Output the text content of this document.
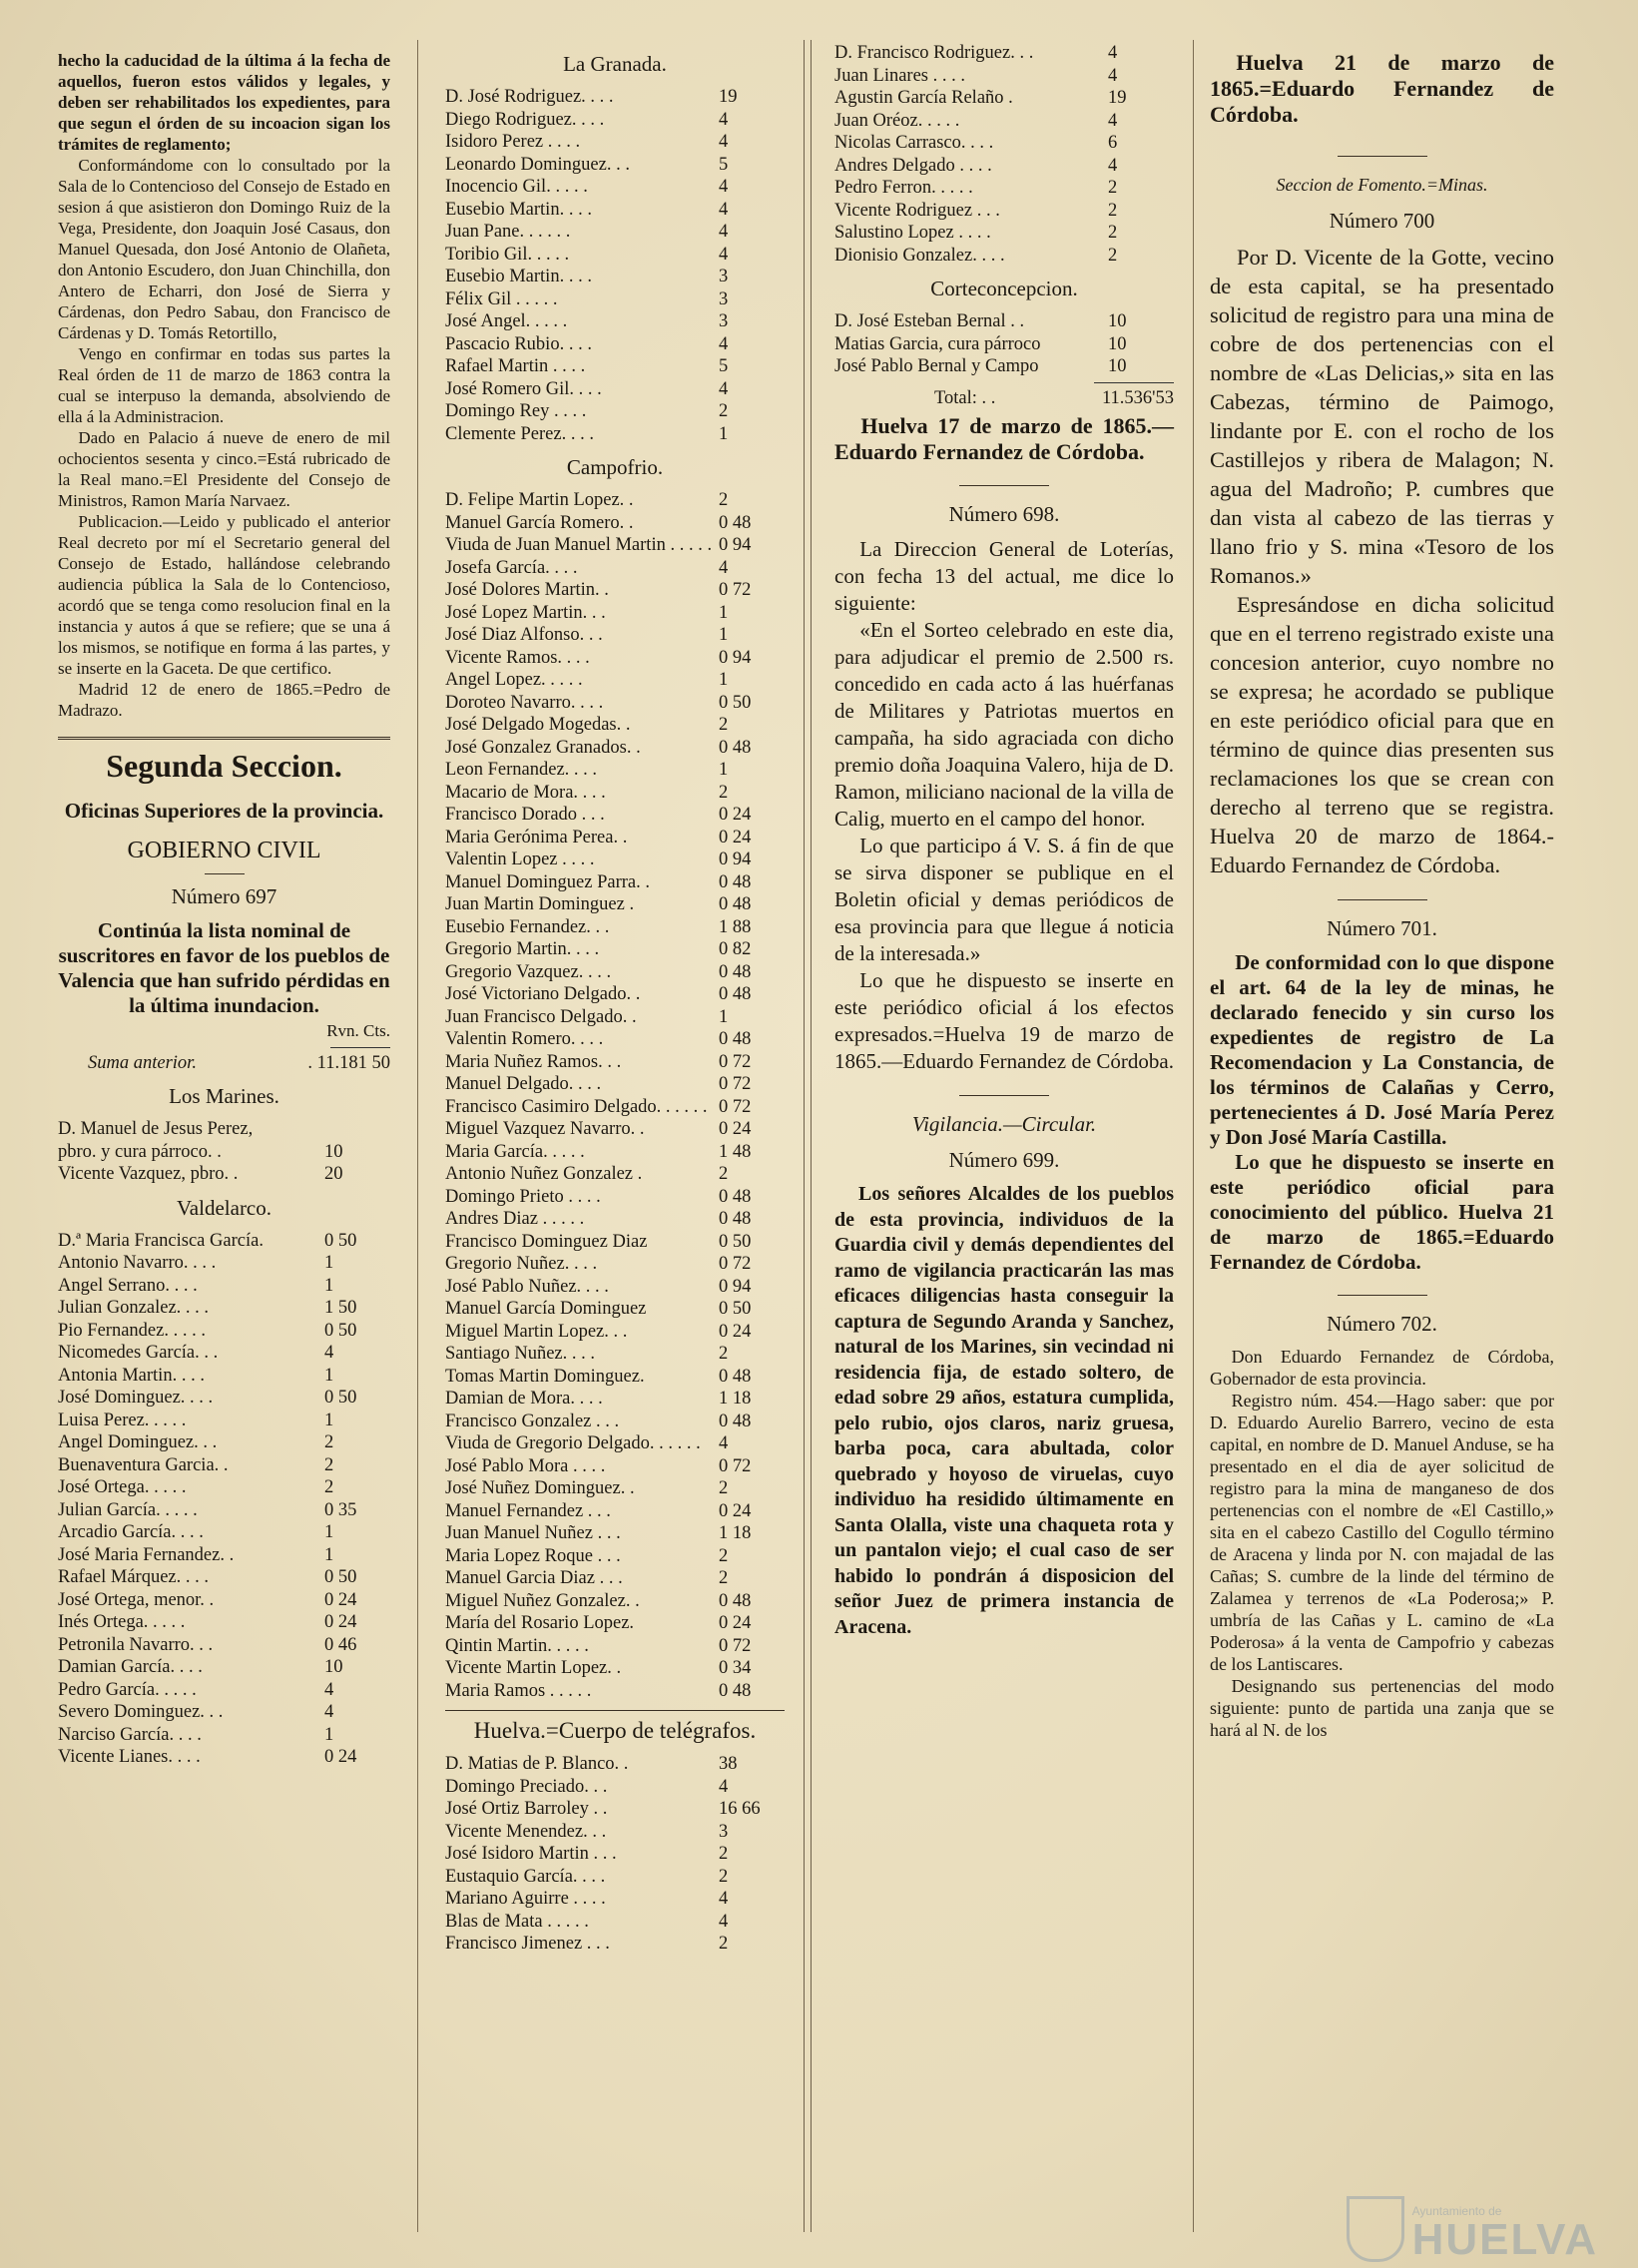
hecho la caducidad de la última á la fecha de aquellos, fueron estos válidos y legales, y deben ser rehabilitados los expedientes, para que segun el órden de su incoacion sigan los trámites de reglamento;

Conformándome con lo consultado por la Sala de lo Contencioso del Consejo de Estado en sesion á que asistieron don Domingo Ruiz de la Vega, Presidente, don Joaquin José Casaus, don Manuel Quesada, don José Antonio de Olañeta, don Antonio Escudero, don Juan Chinchilla, don Antero de Echarri, don José de Sierra y Cárdenas, don Pedro Sabau, don Francisco de Cárdenas y D. Tomás Retortillo,

Vengo en confirmar en todas sus partes la Real órden de 11 de marzo de 1863 contra la cual se interpuso la demanda, absolviendo de ella á la Administracion.

Dado en Palacio á nueve de enero de mil ochocientos sesenta y cinco.=Está rubricado de la Real mano.=El Presidente del Consejo de Ministros, Ramon María Narvaez.

Publicacion.—Leido y publicado el anterior Real decreto por mí el Secretario general del Consejo de Estado, hallándose celebrando audiencia pública la Sala de lo Contencioso, acordó que se tenga como resolucion final en la instancia y autos á que se refiere; que se una á los mismos, se notifique en forma á las partes, y se inserte en la Gaceta. De que certifico.

Madrid 12 de enero de 1865.=Pedro de Madrazo.

Segunda Seccion.
Oficinas Superiores de la provincia.
GOBIERNO CIVIL
Número 697

Continúa la lista nominal de suscritores en favor de los pueblos de Valencia que han sufrido pérdidas en la última inundacion.

Rvn. Cts.
Suma anterior.	. 11.181 50
Los Marines.
D. Manuel de Jesus Perez,
pbro. y cura párroco. .	10
Vicente Vazquez, pbro. .	20
Valdelarco.
D.ª Maria Francisca García.	0 50
Antonio Navarro. . . .	1
Angel Serrano. . . .	1
Julian Gonzalez. . . .	1 50
Pio Fernandez. . . . .	0 50
Nicomedes García. . .	4
Antonia Martin. . . .	1
José Dominguez. . . .	0 50
Luisa Perez. . . . .	1
Angel Dominguez. . .	2
Buenaventura Garcia. .	2
José Ortega. . . . .	2
Julian García. . . . .	0 35
Arcadio García. . . .	1
José Maria Fernandez. .	1
Rafael Márquez. . . .	0 50
José Ortega, menor. .	0 24
Inés Ortega. . . . .	0 24
Petronila Navarro. . .	0 46
Damian García. . . .	10
Pedro García. . . . .	4
Severo Dominguez. . .	4
Narciso García. . . .	1
Vicente Lianes. . . .	0 24
La Granada.
D. José Rodriguez. . . .	19
Diego Rodriguez. . . .	4
Isidoro Perez . . . .	4
Leonardo Dominguez. . .	5
Inocencio Gil. . . . .	4
Eusebio Martin. . . .	4
Juan Pane. . . . . .	4
Toribio Gil. . . . .	4
Eusebio Martin. . . .	3
Félix Gil . . . . .	3
José Angel. . . . .	3
Pascacio Rubio. . . .	4
Rafael Martin . . . .	5
José Romero Gil. . . .	4
Domingo Rey . . . .	2
Clemente Perez. . . .	1
Campofrio.
D. Felipe Martin Lopez. .	2
Manuel García Romero. .	0 48
Viuda de Juan Manuel Martin . . . . . 0 94
Josefa García. . . .	4
José Dolores Martin. .	0 72
José Lopez Martin. . .	1
José Diaz Alfonso. . .	1
Vicente Ramos. . . .	0 94
Angel Lopez. . . . .	1
Doroteo Navarro. . . .	0 50
José Delgado Mogedas. .	2
José Gonzalez Granados. .	0 48
Leon Fernandez. . . .	1
Macario de Mora. . . .	2
Francisco Dorado . . .	0 24
Maria Gerónima Perea. .	0 24
Valentin Lopez . . . .	0 94
Manuel Dominguez Parra. .	0 48
Juan Martin Dominguez .	0 48
Eusebio Fernandez. . .	1 88
Gregorio Martin. . . .	0 82
Gregorio Vazquez. . . .	0 48
José Victoriano Delgado. .	0 48
Juan Francisco Delgado. .	1
Valentin Romero. . . .	0 48
Maria Nuñez Ramos. . .	0 72
Manuel Delgado. . . .	0 72
Francisco Casimiro Delgado. . . . . . 0 72
Miguel Vazquez Navarro. .	0 24
Maria García. . . . .	1 48
Antonio Nuñez Gonzalez .	2
Domingo Prieto . . . .	0 48
Andres Diaz . . . . .	0 48
Francisco Dominguez Diaz	0 50
Gregorio Nuñez. . . .	0 72
José Pablo Nuñez. . . .	0 94
Manuel García Dominguez	0 50
Miguel Martin Lopez. . .	0 24
Santiago Nuñez. . . .	2
Tomas Martin Dominguez.	0 48
Damian de Mora. . . .	1 18
Francisco Gonzalez . . .	0 48
Viuda de Gregorio Delgado. . . . . . 4
José Pablo Mora . . . .	0 72
José Nuñez Dominguez. .	2
Manuel Fernandez . . .	0 24
Juan Manuel Nuñez . . .	1 18
Maria Lopez Roque . . .	2
Manuel Garcia Diaz . . .	2
Miguel Nuñez Gonzalez. .	0 48
María del Rosario Lopez.	0 24
Qintin Martin. . . . .	0 72
Vicente Martin Lopez. .	0 34
Maria Ramos . . . . .	0 48
Huelva.=Cuerpo de telégrafos.
D. Matias de P. Blanco. .	38
Domingo Preciado. . .	4
José Ortiz Barroley . .	16 66
Vicente Menendez. . .	3
José Isidoro Martin . . .	2
Eustaquio García. . . .	2
Mariano Aguirre . . . .	4
Blas de Mata . . . . .	4
Francisco Jimenez . . .	2
D. Francisco Rodriguez. . .	4
Juan Linares . . . .	4
Agustin García Relaño .	19
Juan Oréoz. . . . .	4
Nicolas Carrasco. . . .	6
Andres Delgado . . . .	4
Pedro Ferron. . . . .	2
Vicente Rodriguez . . .	2
Salustino Lopez . . . .	2
Dionisio Gonzalez. . . .	2
Corteconcepcion.
D. José Esteban Bernal . .	10
Matias Garcia, cura párroco	10
José Pablo Bernal y Campo	10
Total: . .	11.536'53

Huelva 17 de marzo de 1865.—Eduardo Fernandez de Córdoba.

Número 698.

La Direccion General de Loterías, con fecha 13 del actual, me dice lo siguiente:

«En el Sorteo celebrado en este dia, para adjudicar el premio de 2.500 rs. concedido en cada acto á las huérfanas de Militares y Patriotas muertos en campaña, ha sido agraciada con dicho premio doña Joaquina Valero, hija de D. Ramon, miliciano nacional de la villa de Calig, muerto en el campo del honor.

Lo que participo á V. S. á fin de que se sirva disponer se publique en el Boletin oficial y demas periódicos de esa provincia para que llegue á noticia de la interesada.»

Lo que he dispuesto se inserte en este periódico oficial á los efectos expresados.=Huelva 19 de marzo de 1865.—Eduardo Fernandez de Córdoba.

Vigilancia.—Circular.
Número 699.

Los señores Alcaldes de los pueblos de esta provincia, individuos de la Guardia civil y demás dependientes del ramo de vigilancia practicarán las mas eficaces diligencias hasta conseguir la captura de Segundo Aranda y Sanchez, natural de los Marines, sin vecindad ni residencia fija, de estado soltero, de edad sobre 29 años, estatura cumplida, pelo rubio, ojos claros, nariz gruesa, barba poca, cara abultada, color quebrado y hoyoso de viruelas, cuyo individuo ha residido últimamente en Santa Olalla, viste una chaqueta rota y un pantalon viejo; el cual caso de ser habido lo pondrán á disposicion del señor Juez de primera instancia de Aracena.

Huelva 21 de marzo de 1865.=Eduardo Fernandez de Córdoba.

Seccion de Fomento.=Minas.
Número 700

Por D. Vicente de la Gotte, vecino de esta capital, se ha presentado solicitud de registro para una mina de cobre de dos pertenencias con el nombre de «Las Delicias,» sita en las Cabezas, término de Paimogo, lindante por E. con el rocho de los Castillejos y ribera de Malagon; N. agua del Madroño; P. cumbres que dan vista al cabezo de las tierras y llano frio y S. mina «Tesoro de los Romanos.»

Espresándose en dicha solicitud que en el terreno registrado existe una concesion anterior, cuyo nombre no se expresa; he acordado se publique en este periódico oficial para que en término de quince dias presenten sus reclamaciones los que se crean con derecho al terreno que se registra. Huelva 20 de marzo de 1864.-Eduardo Fernandez de Córdoba.

Número 701.

De conformidad con lo que dispone el art. 64 de la ley de minas, he declarado fenecido y sin curso los expedientes de registro de La Recomendacion y La Constancia, de los términos de Calañas y Cerro, pertenecientes á D. José María Perez y Don José María Castilla.

Lo que he dispuesto se inserte en este periódico oficial para conocimiento del público. Huelva 21 de marzo de 1865.=Eduardo Fernandez de Córdoba.

Número 702.

Don Eduardo Fernandez de Córdoba, Gobernador de esta provincia.

Registro núm. 454.—Hago saber: que por D. Eduardo Aurelio Barrero, vecino de esta capital, en nombre de D. Manuel Anduse, se ha presentado en el dia de ayer solicitud de registro para la mina de manganeso de dos pertenencias con el nombre de «El Castillo,» sita en el cabezo Castillo del Cogullo término de Aracena y linda por N. con majadal de las Cañas; S. cumbre de la linde del término de Zalamea y terrenos de «La Poderosa;» P. umbría de las Cañas y L. camino de «La Poderosa» á la venta de Campofrio y cabezas de los Lantiscares.

Designando sus pertenencias del modo siguiente: punto de partida una zanja que se hará al N. de los

Ayuntamiento de
HUELVA
